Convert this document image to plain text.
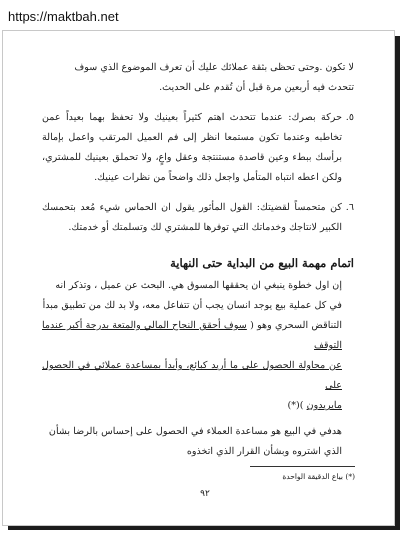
https://maktbah.net

لا تكون .وحتى تحظى بثقة عملائك عليك أن تعرف الموضوع الذي سوف
تتحدث فيه أربعين مرة قبل أن تُقدم على الحديث.

٥.
حركة بصرك: عندما تتحدث اهتم كثيراً بعينيك ولا تحفظ بهما بعيداً عمن تخاطبه وعندما تكون مستمعا انظر إلى فم العميل المرتقب واعمل بإمالة برأسك ببطء وعين قاصدة مستنتجة وعقل واعٍ، ولا تحملق بعينيك للمشتري، ولكن اعطه انتباه المتأمل واجعل ذلك واضحاً من نظرات عينيك.
٦.
كن متحمساً لقضيتك: القول المأثور يقول ان الحماس شيء مُعد بتحمسك الكبير لانتاجك وخدماتك التي توفرها للمشتري لك وتسلمتك أو خدمتك.
اتمام مهمة البيع من البداية حتى النهاية

إن اول خطوة ينبغي ان يحققها المسوق هي. البحث عن عميل ، وتذكر انه
في كل عملية بيع يوجد انسان يجب أن تتفاعل معه، ولا بد لك من تطبيق مبدأ
التناقض السحري وهو ( سوف أحقق النجاح المالي والمتعة بدرجة أكبر عندما التوقف
عن محاولة الحصول على ما أريد كبائع، وأبدأ بمساعدة عملائي في الحصول على
مايريدون )(*)

هدفي في البيع هو مساعدة العملاء في الحصول على إحساس بالرضا بشأن
الذي اشتروه وبشأن القرار الذي اتخذوه

(*) بياع الدقيقة الواحدة
٩٢
